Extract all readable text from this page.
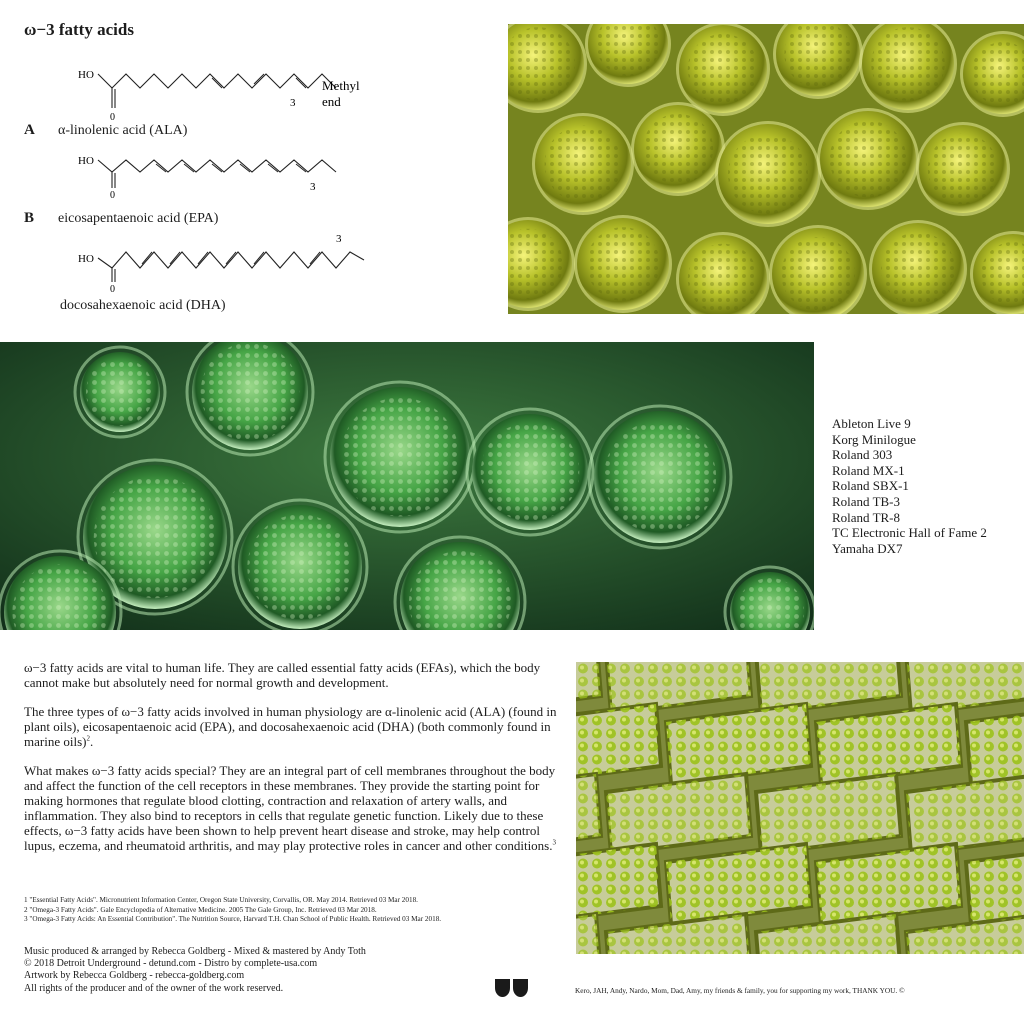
ω−3 fatty acids
HO
0
3
Methyl
end
A α-linolenic acid (ALA)
HO
0
3
B eicosapentaenoic acid (EPA)
HO
0
3
docosahexaenoic acid (DHA)
Ableton Live 9
Korg Minilogue
Roland 303
Roland MX-1
Roland SBX-1
Roland TB-3
Roland TR-8
TC Electronic Hall of Fame 2
Yamaha DX7

ω−3 fatty acids are vital to human life. They are called essential fatty acids (EFAs), which the body cannot make but absolutely need for normal growth and development.

The three types of ω−3 fatty acids involved in human physiology are α-linolenic acid (ALA) (found in plant oils), eicosapentaenoic acid (EPA), and docosahexaenoic acid (DHA) (both commonly found in marine oils)$^2$.

What makes ω−3 fatty acids special? They are an integral part of cell membranes throughout the body and affect the function of the cell receptors in these membranes. They provide the starting point for making hormones that regulate blood clotting, contraction and relaxation of artery walls, and inflammation. They also bind to receptors in cells that regulate genetic function. Likely due to these effects, ω−3 fatty acids have been shown to help prevent heart disease and stroke, may help control lupus, eczema, and rheumatoid arthritis, and may play protective roles in cancer and other conditions.$^3$

1 "Essential Fatty Acids". Micronutrient Information Center, Oregon State University, Corvallis, OR. May 2014. Retrieved 03 Mar 2018.
2 "Omega-3 Fatty Acids". Gale Encyclopedia of Alternative Medicine. 2005 The Gale Group, Inc. Retrieved 03 Mar 2018.
3 "Omega-3 Fatty Acids: An Essential Contribution". The Nutrition Source, Harvard T.H. Chan School of Public Health. Retrieved 03 Mar 2018.
Music produced & arranged by Rebecca Goldberg - Mixed & mastered by Andy Toth
© 2018 Detroit Underground - detund.com - Distro by complete-usa.com
Artwork by Rebecca Goldberg - rebecca-goldberg.com
All rights of the producer and of the owner of the work reserved.	Kero, JAH, Andy, Nardo, Mom, Dad, Amy, my friends & family, you for supporting my work, THANK YOU. ©
